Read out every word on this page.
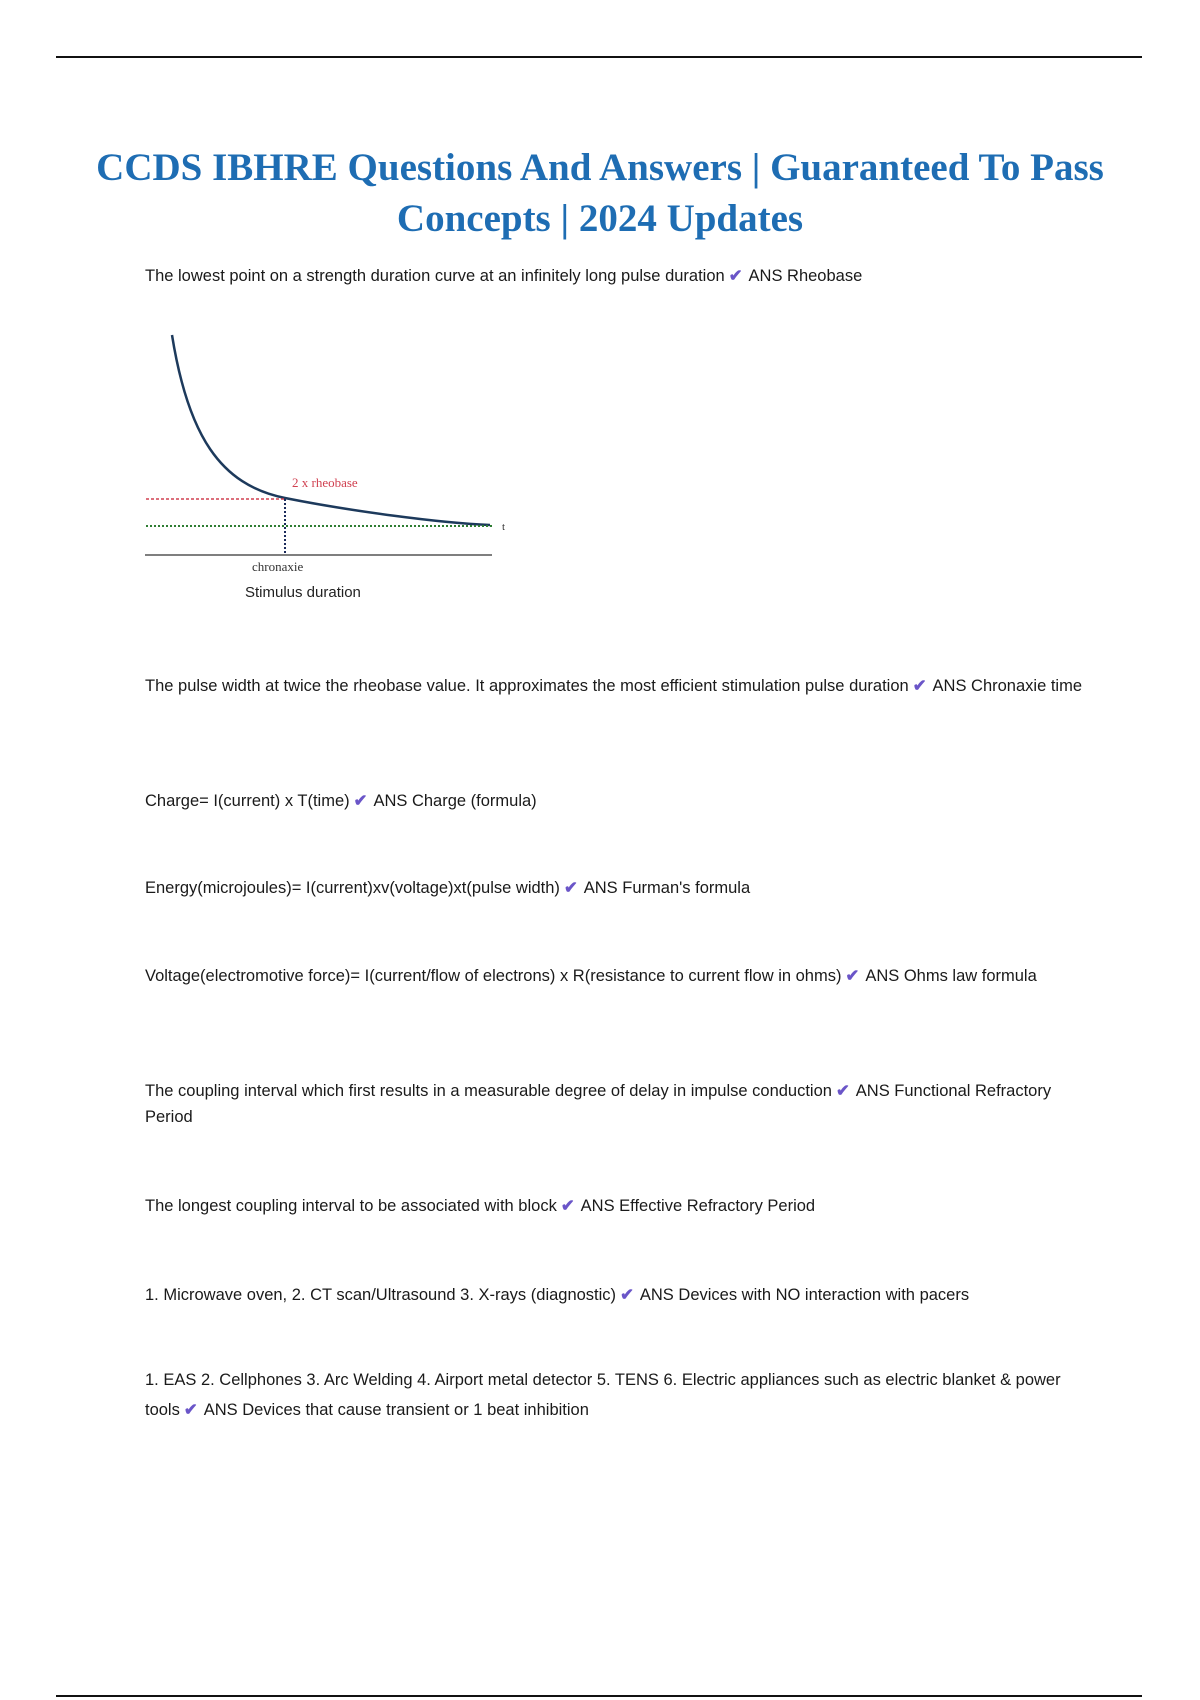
CCDS IBHRE Questions And Answers | Guaranteed To Pass Concepts | 2024 Updates
The lowest point on a strength duration curve at an infinitely long pulse duration ✔ ANS Rheobase
2 x rheobase
t
chronaxie
Stimulus duration
The pulse width at twice the rheobase value. It approximates the most efficient stimulation pulse duration ✔ ANS Chronaxie time
Charge= I(current) x T(time) ✔ ANS Charge (formula)
Energy(microjoules)= I(current)xv(voltage)xt(pulse width) ✔ ANS Furman's formula
Voltage(electromotive force)= I(current/flow of electrons) x R(resistance to current flow in ohms) ✔ ANS Ohms law formula
The coupling interval which first results in a measurable degree of delay in impulse conduction ✔ ANS Functional Refractory Period
The longest coupling interval to be associated with block ✔ ANS Effective Refractory Period
1. Microwave oven, 2. CT scan/Ultrasound 3. X-rays (diagnostic) ✔ ANS Devices with NO interaction with pacers
1. EAS 2. Cellphones 3. Arc Welding 4. Airport metal detector 5. TENS 6. Electric appliances such as electric blanket & power tools ✔ ANS Devices that cause transient or 1 beat inhibition
